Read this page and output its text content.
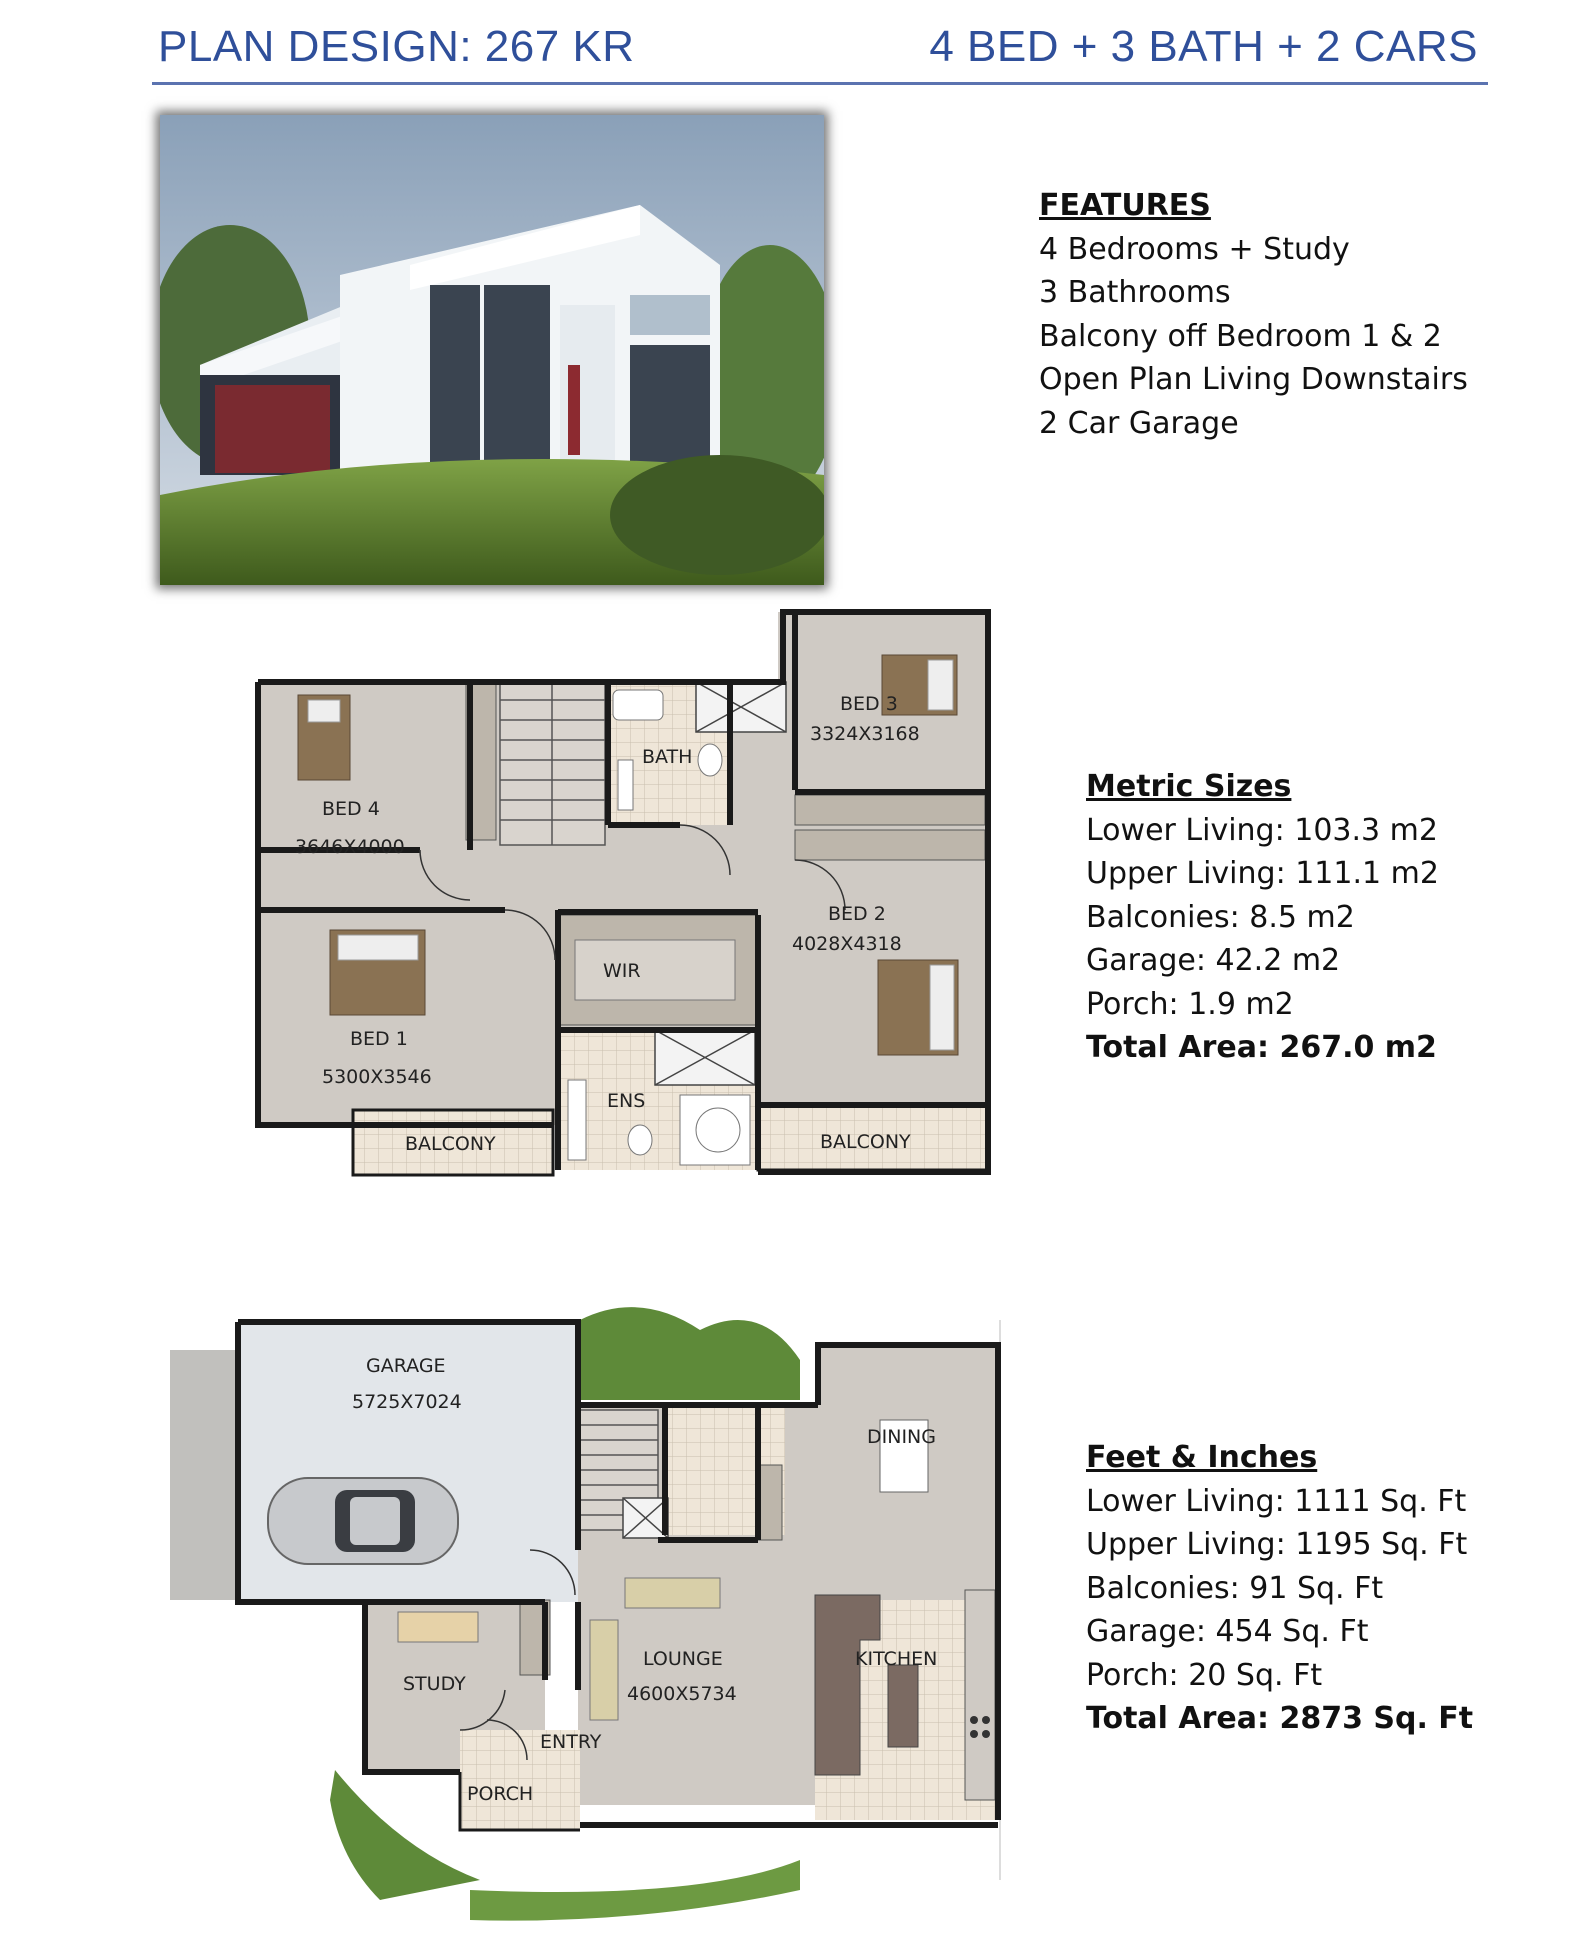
PLAN DESIGN: 267 KR	4 BED + 3 BATH + 2 CARS
FEATURES
4 Bedrooms + Study
3 Bathrooms
Balcony off Bedroom 1 & 2
Open Plan Living Downstairs
2 Car Garage
Metric Sizes
Lower Living: 103.3 m2
Upper Living: 111.1 m2
Balconies: 8.5 m2
Garage: 42.2 m2
Porch: 1.9 m2
Total Area: 267.0 m2
Feet & Inches
Lower Living: 1111 Sq. Ft
Upper Living: 1195 Sq. Ft
Balconies: 91 Sq. Ft
Garage: 454 Sq. Ft
Porch: 20 Sq. Ft
Total Area: 2873 Sq. Ft
BED 3
3324X3168
BATH
BED 4
3646X4000
BED 2
4028X4318
WIR
BED 1
5300X3546
ENS
BALCONY	BALCONY
GARAGE
5725X7024
DINING
LOUNGE
4600X5734
KITCHEN
STUDY
ENTRY
PORCH
